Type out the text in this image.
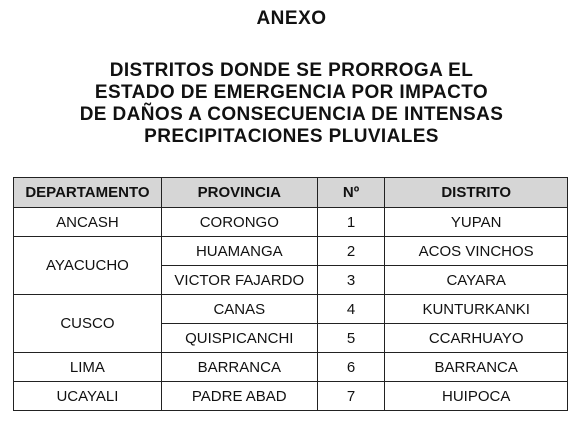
ANEXO
DISTRITOS DONDE SE PRORROGA EL
ESTADO DE EMERGENCIA POR IMPACTO
DE DAÑOS A CONSECUENCIA DE INTENSAS
PRECIPITACIONES PLUVIALES
DEPARTAMENTO	PROVINCIA	Nº	DISTRITO
ANCASH	CORONGO	1	YUPAN
AYACUCHO	HUAMANGA	2	ACOS VINCHOS
	VICTOR FAJARDO	3	CAYARA
CUSCO	CANAS	4	KUNTURKANKI
	QUISPICANCHI	5	CCARHUAYO
LIMA	BARRANCA	6	BARRANCA
UCAYALI	PADRE ABAD	7	HUIPOCA
